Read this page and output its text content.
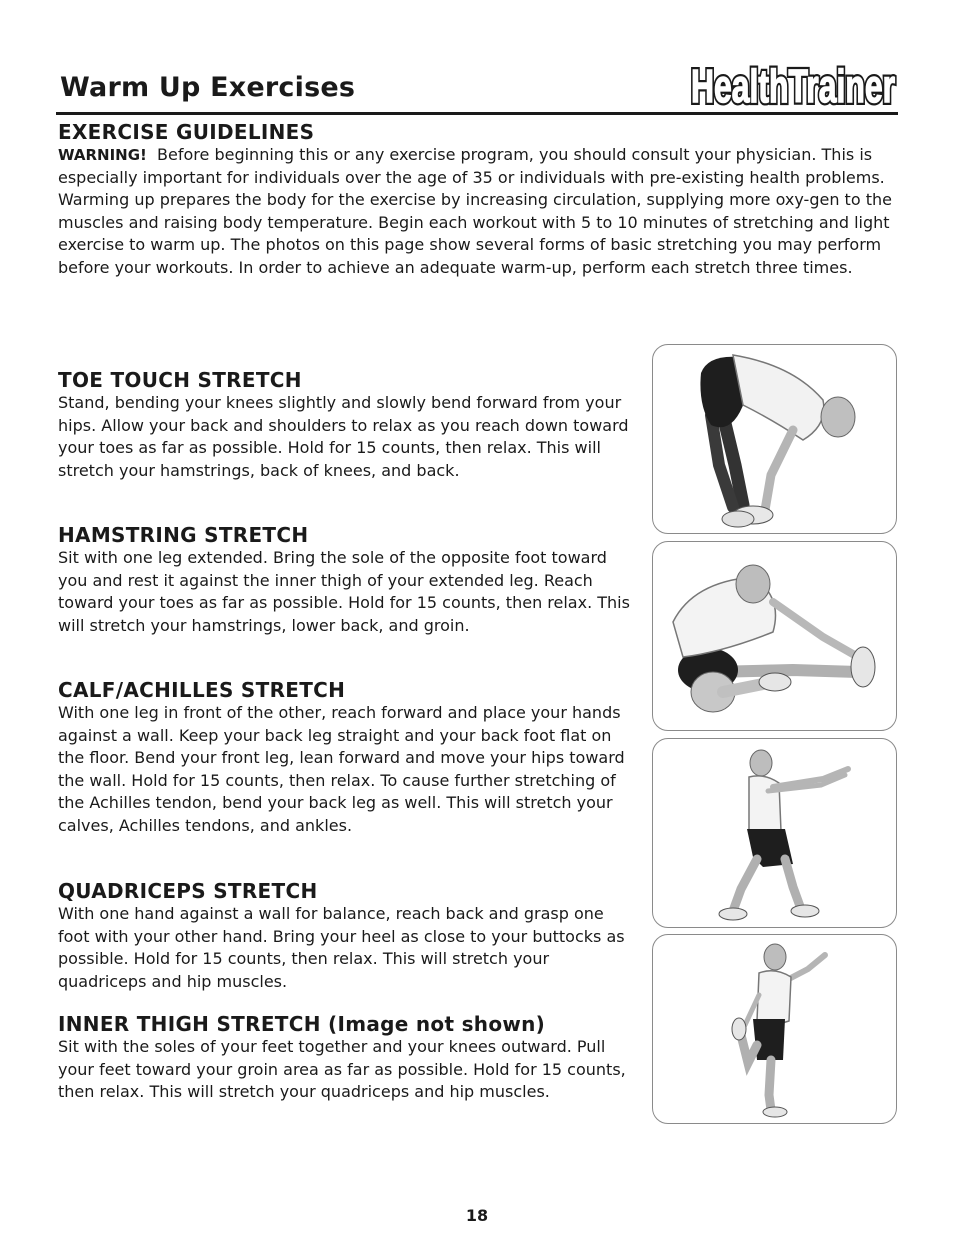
Warm Up Exercises	HealthTrainer
HealthTrainer
EXERCISE GUIDELINES

WARNING! Before beginning this or any exercise program, you should consult your physician. This is especially important for individuals over the age of 35 or individuals with pre-existing health problems.

Warming up prepares the body for the exercise by increasing circulation, supplying more oxy-gen to the muscles and raising body temperature. Begin each workout with 5 to 10 minutes of stretching and light exercise to warm up. The photos on this page show several forms of basic stretching you may perform before your workouts. In order to achieve an adequate warm-up, perform each stretch three times.

TOE TOUCH STRETCH

Stand, bending your knees slightly and slowly bend forward from your hips. Allow your back and shoulders to relax as you reach down toward your toes as far as possible. Hold for 15 counts, then relax. This will stretch your hamstrings, back of knees, and back.

HAMSTRING STRETCH

Sit with one leg extended. Bring the sole of the opposite foot toward you and rest it against the inner thigh of your extended leg. Reach toward your toes as far as possible. Hold for 15 counts, then relax. This will stretch your hamstrings, lower back, and groin.

CALF/ACHILLES STRETCH

With one leg in front of the other, reach forward and place your hands against a wall. Keep your back leg straight and your back foot flat on the floor. Bend your front leg, lean forward and move your hips toward the wall. Hold for 15 counts, then relax. To cause further stretching of the Achilles tendon, bend your back leg as well. This will stretch your calves, Achilles tendons, and ankles.

QUADRICEPS STRETCH

With one hand against a wall for balance, reach back and grasp one foot with your other hand. Bring your heel as close to your buttocks as possible. Hold for 15 counts, then relax. This will stretch your quadriceps and hip muscles.

INNER THIGH STRETCH (Image not shown)

Sit with the soles of your feet together and your knees outward. Pull your feet toward your groin area as far as possible. Hold for 15 counts, then relax. This will stretch your quadriceps and hip muscles.

18
